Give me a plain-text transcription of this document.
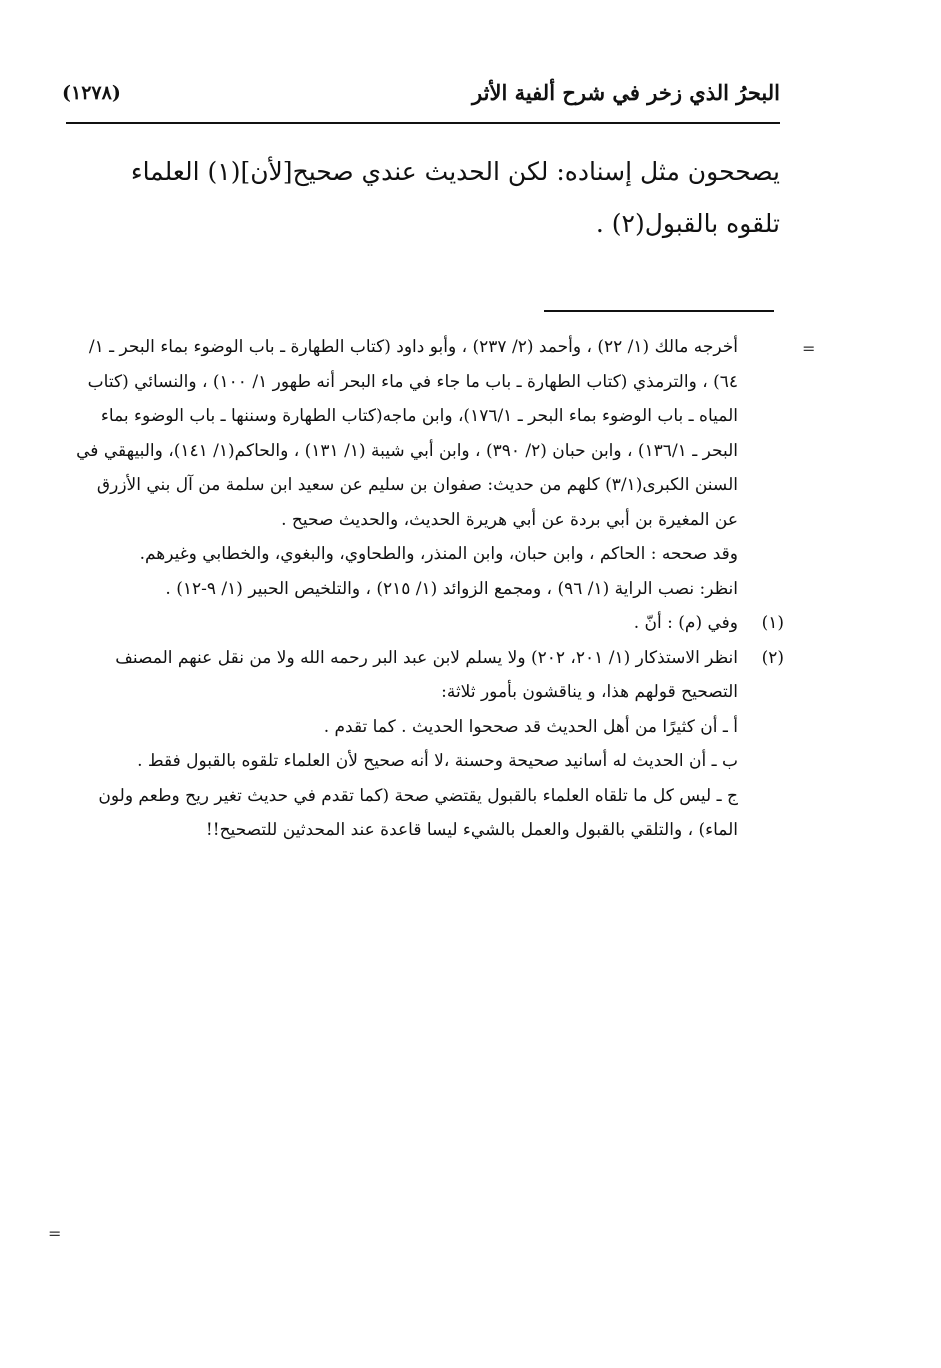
البحرُ الذي زخر في شرح ألفية الأثر
(١٢٧٨)

يصححون مثل إسناده: لكن الحديث عندي صحيح[لأن](١) العلماء

تلقوه بالقبول(٢) .

أخرجه مالك (١/ ٢٢) ، وأحمد (٢/ ٢٣٧) ، وأبو داود (كتاب الطهارة ـ باب الوضوء بماء البحر ـ ١/ ٦٤) ، والترمذي (كتاب الطهارة ـ باب ما جاء في ماء البحر أنه طهور ١/ ١٠٠) ، والنسائي (كتاب المياه ـ باب الوضوء بماء البحر ـ ١٧٦/١)، وابن ماجه(كتاب الطهارة وسننها ـ باب الوضوء بماء البحر ـ ١٣٦/١) ، وابن حبان (٢/ ٣٩٠) ، وابن أبي شيبة (١/ ١٣١) ، والحاكم(١/ ١٤١)، والبيهقي في السنن الكبرى(٣/١) كلهم من حديث: صفوان بن سليم عن سعيد ابن سلمة من آل بني الأزرق عن المغيرة بن أبي بردة عن أبي هريرة الحديث، والحديث صحيح .

وقد صححه : الحاكم ، وابن حبان، وابن المنذر، والطحاوي، والبغوي، والخطابي وغيرهم.

انظر: نصب الراية (١/ ٩٦) ، ومجمع الزوائد (١/ ٢١٥) ، والتلخيص الحبير (١/ ٩-١٢) .

(١)

وفي (م) : أنّ .

(٢)

انظر الاستذكار (١/ ٢٠١، ٢٠٢) ولا يسلم لابن عبد البر رحمه الله ولا من نقل عنهم المصنف التصحيح قولهم هذا، و يناقشون بأمور ثلاثة:

أ ـ أن كثيرًا من أهل الحديث قد صححوا الحديث . كما تقدم .

ب ـ أن الحديث له أسانيد صحيحة وحسنة ،لا أنه صحيح لأن العلماء تلقوه بالقبول فقط .

ج ـ ليس كل ما تلقاه العلماء بالقبول يقتضي صحة (كما تقدم في حديث تغير ريح وطعم ولون الماء) ، والتلقي بالقبول والعمل بالشيء ليسا قاعدة عند المحدثين للتصحيح!!

=
=
